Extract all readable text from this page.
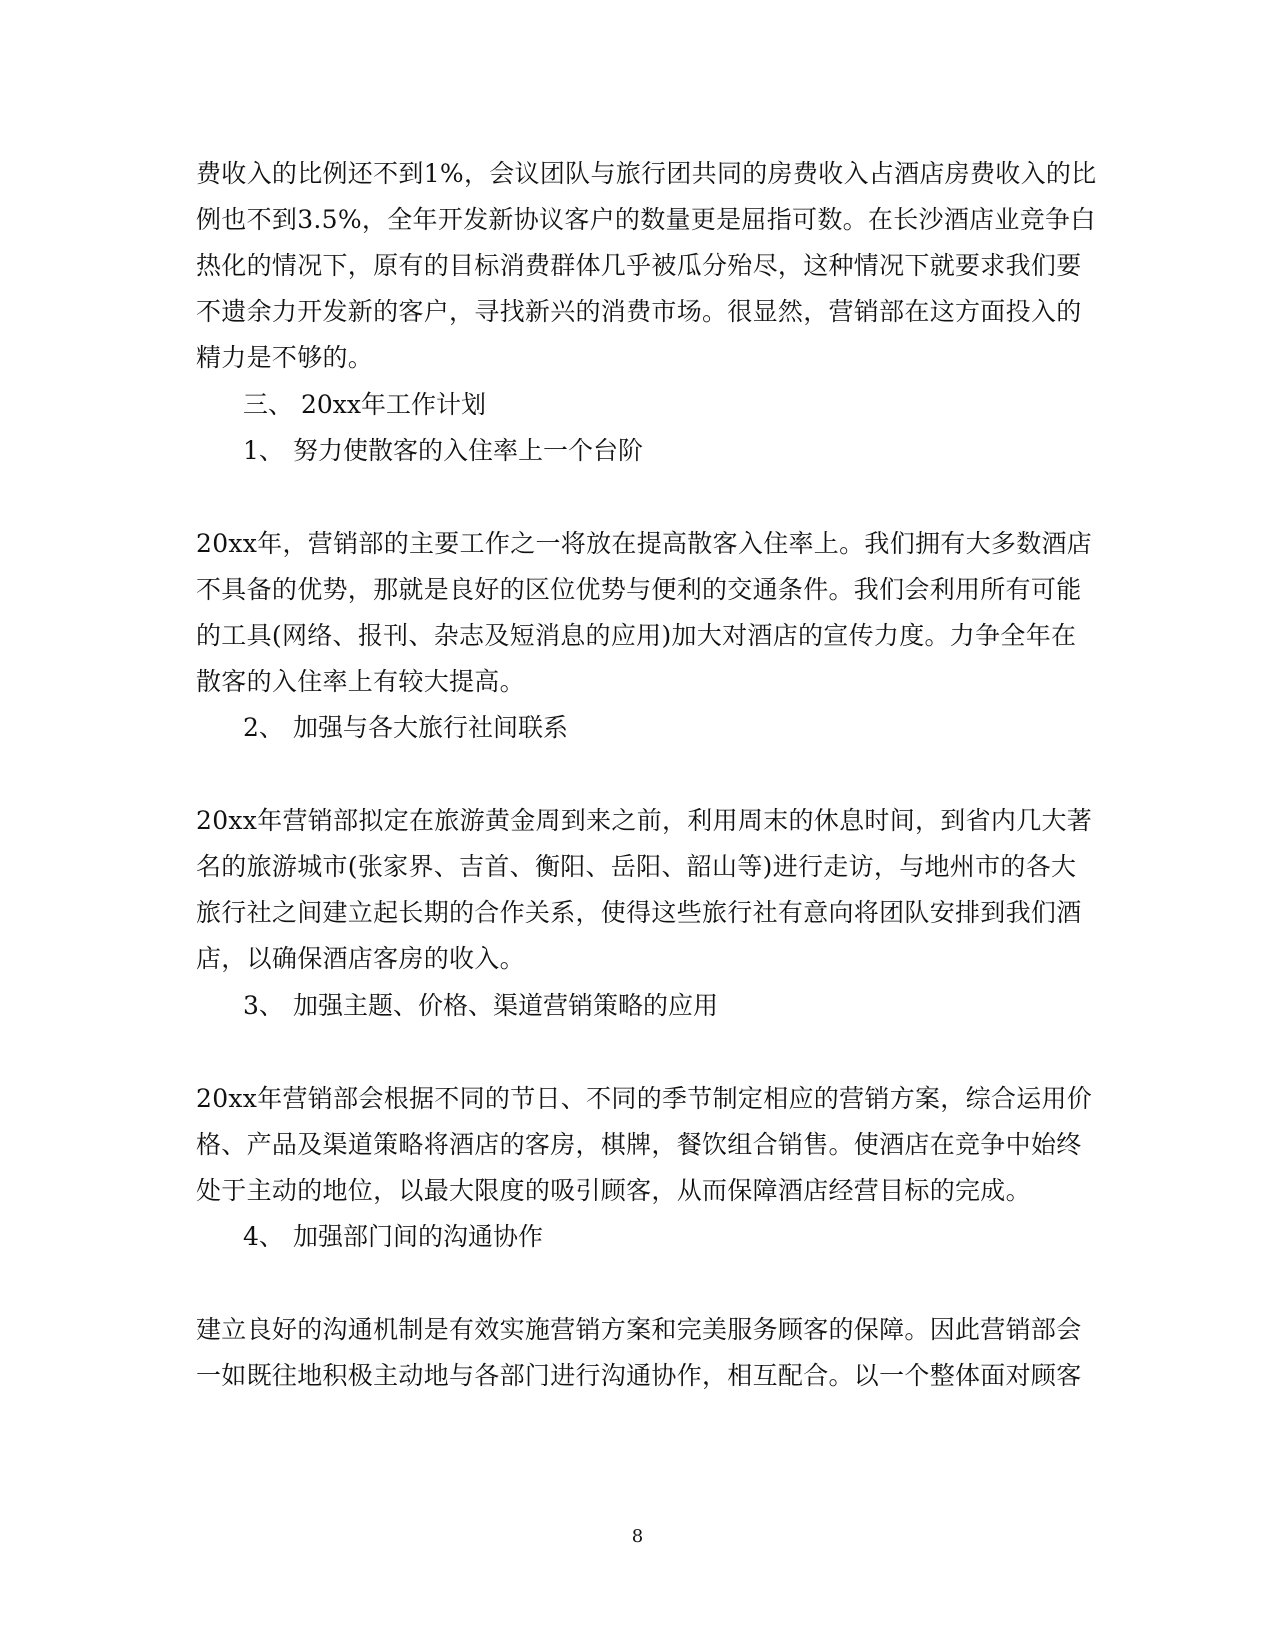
费收入的比例还不到1%，会议团队与旅行团共同的房费收入占酒店房费收入的比
例也不到3.5%，全年开发新协议客户的数量更是屈指可数。在长沙酒店业竞争白
热化的情况下，原有的目标消费群体几乎被瓜分殆尽，这种情况下就要求我们要
不遗余力开发新的客户，寻找新兴的消费市场。很显然，营销部在这方面投入的
精力是不够的。
三、 20xx年工作计划
1、 努力使散客的入住率上一个台阶
20xx年，营销部的主要工作之一将放在提高散客入住率上。我们拥有大多数酒店
不具备的优势，那就是良好的区位优势与便利的交通条件。我们会利用所有可能
的工具(网络、报刊、杂志及短消息的应用)加大对酒店的宣传力度。力争全年在
散客的入住率上有较大提高。
2、 加强与各大旅行社间联系
20xx年营销部拟定在旅游黄金周到来之前，利用周末的休息时间，到省内几大著
名的旅游城市(张家界、吉首、衡阳、岳阳、韶山等)进行走访，与地州市的各大
旅行社之间建立起长期的合作关系，使得这些旅行社有意向将团队安排到我们酒
店，以确保酒店客房的收入。
3、 加强主题、价格、渠道营销策略的应用
20xx年营销部会根据不同的节日、不同的季节制定相应的营销方案，综合运用价
格、产品及渠道策略将酒店的客房，棋牌，餐饮组合销售。使酒店在竞争中始终
处于主动的地位，以最大限度的吸引顾客，从而保障酒店经营目标的完成。
4、 加强部门间的沟通协作
建立良好的沟通机制是有效实施营销方案和完美服务顾客的保障。因此营销部会
一如既往地积极主动地与各部门进行沟通协作，相互配合。以一个整体面对顾客
8
